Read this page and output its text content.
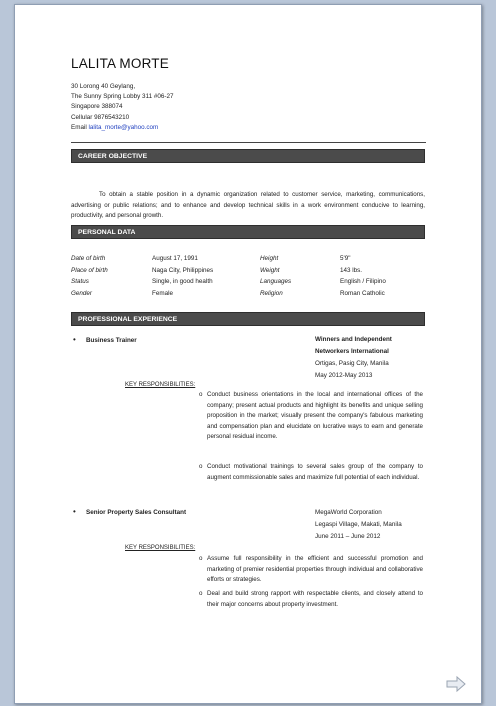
LALITA MORTE
30 Lorong 40 Geylang,
The Sunny Spring Lobby 311 #06-27
Singapore 388074
Cellular 9876543210
Email lalita_morte@yahoo.com
CAREER OBJECTIVE
To obtain a stable position in a dynamic organization related to customer service, marketing, communications, advertising or public relations; and to enhance and develop technical skills in a work environment conducive to learning, productivity, and personal growth.
PERSONAL DATA
Date of birth	August 17, 1991	Height	5'9"
Place of birth	Naga City, Philippines	Weight	143 lbs.
Status	Single, in good health	Languages	English / Filipino
Gender	Female	Religion	Roman Catholic
PROFESSIONAL EXPERIENCE
• Business Trainer	Winners and Independent
Networkers International
Ortigas, Pasig City, Manila
May 2012-May 2013
KEY RESPONSIBILITIES:
o Conduct business orientations in the local and international offices of the company; present actual products and highlight its benefits and unique selling proposition in the market; visually present the company's fabulous marketing and compensation plan and elucidate on lucrative ways to earn and generate personal residual income.
o Conduct motivational trainings to several sales group of the company to augment commissionable sales and maximize full potential of each individual.
• Senior Property Sales Consultant	MegaWorld Corporation
Legaspi Village, Makati, Manila
June 2011 – June 2012
KEY RESPONSIBILITIES:
o Assume full responsibility in the efficient and successful promotion and marketing of premier residential properties through individual and collaborative efforts or strategies.
o Deal and build strong rapport with respectable clients, and closely attend to their major concerns about property investment.
